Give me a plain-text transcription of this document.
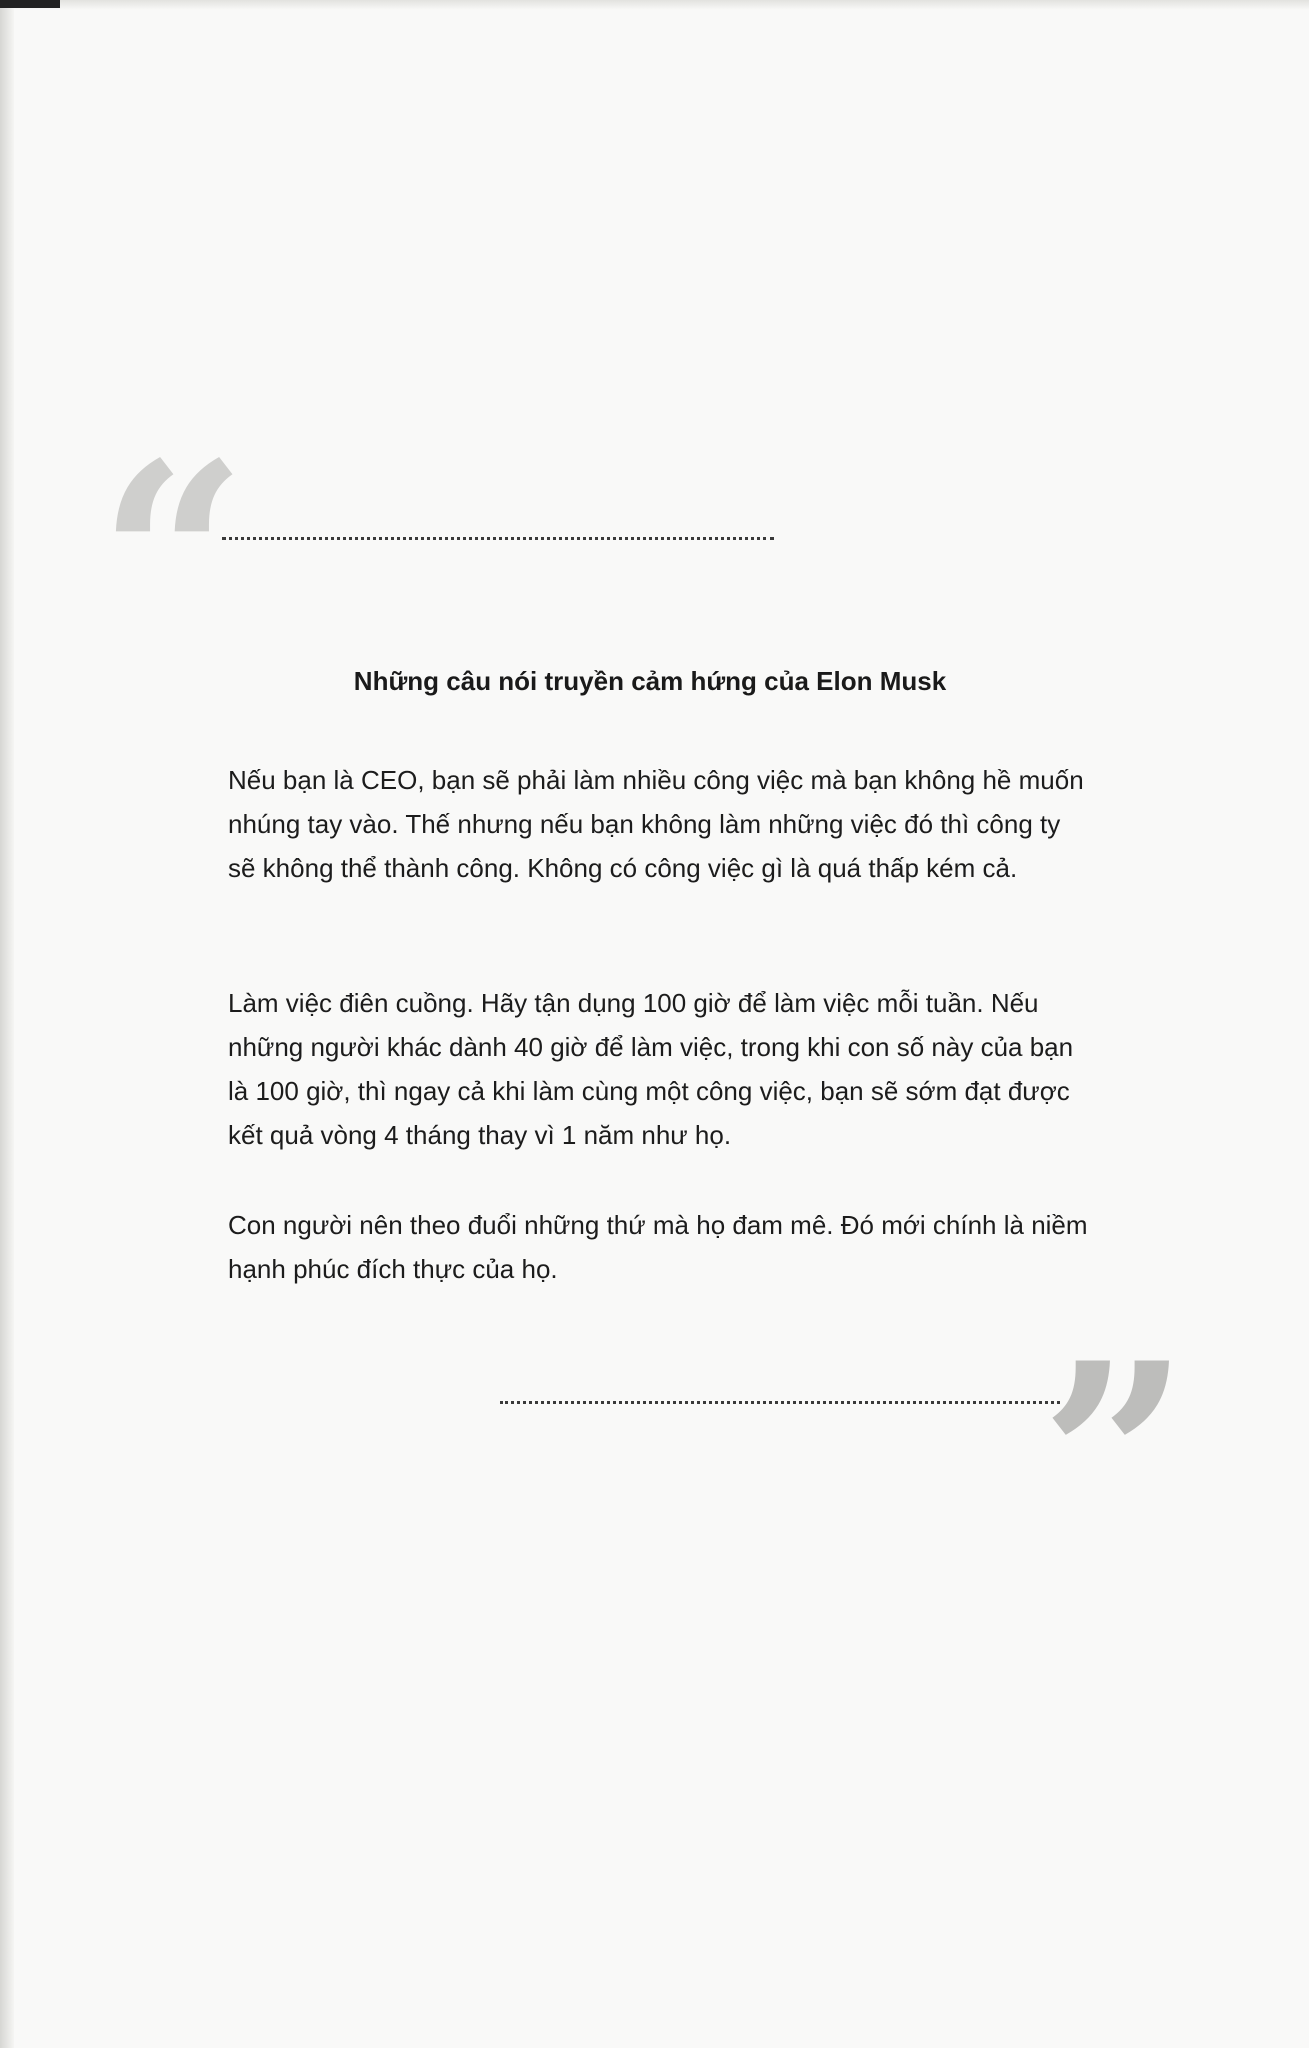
“	Những câu nói truyền cảm hứng của Elon Musk

Nếu bạn là CEO, bạn sẽ phải làm nhiều công việc mà bạn không hề muốn nhúng tay vào. Thế nhưng nếu bạn không làm những việc đó thì công ty sẽ không thể thành công. Không có công việc gì là quá thấp kém cả.

Làm việc điên cuồng. Hãy tận dụng 100 giờ để làm việc mỗi tuần. Nếu những người khác dành 40 giờ để làm việc, trong khi con số này của bạn là 100 giờ, thì ngay cả khi làm cùng một công việc, bạn sẽ sớm đạt được kết quả vòng 4 tháng thay vì 1 năm như họ.

Con người nên theo đuổi những thứ mà họ đam mê. Đó mới chính là niềm hạnh phúc đích thực của họ.

”
